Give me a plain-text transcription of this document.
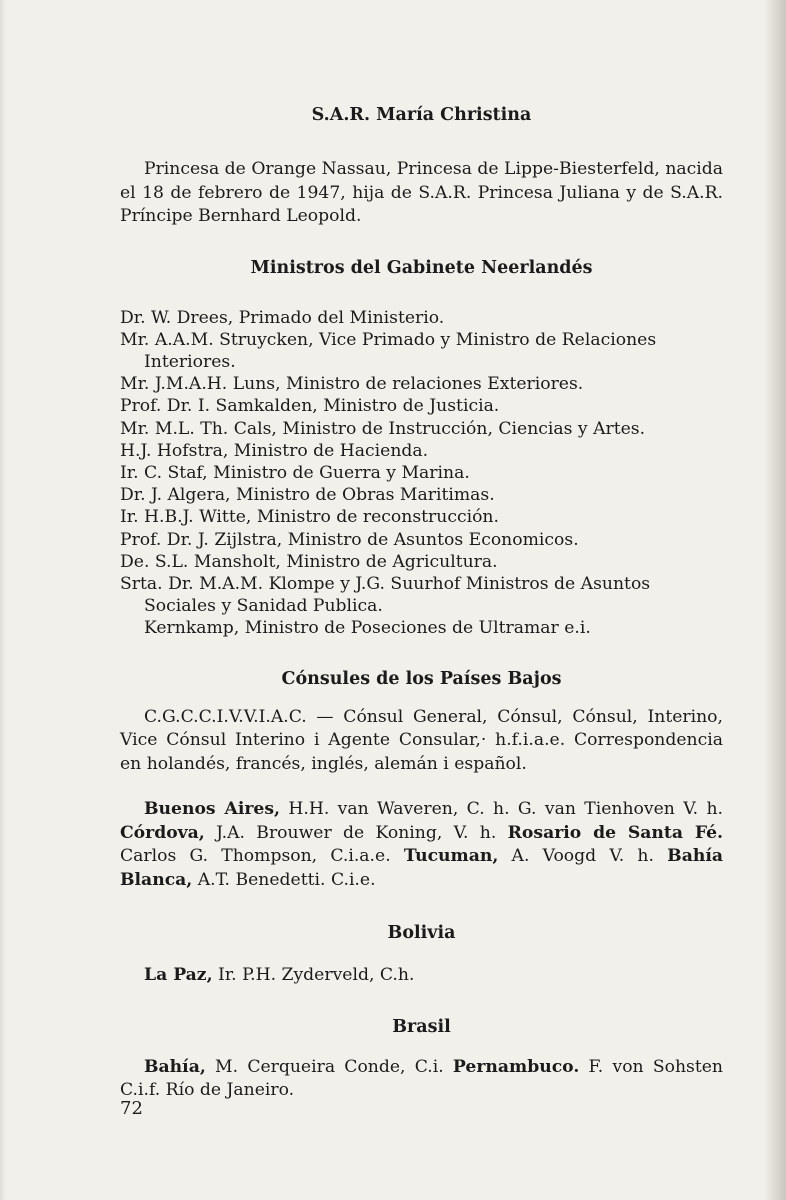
S.A.R. María Christina

Princesa de Orange Nassau, Princesa de Lippe-Biesterfeld, nacida el 18 de febrero de 1947, hija de S.A.R. Princesa Juliana y de S.A.R. Príncipe Bernhard Leopold.

Ministros del Gabinete Neerlandés

Dr. W. Drees, Primado del Ministerio.

Mr. A.A.M. Struycken, Vice Primado y Ministro de Relaciones Interiores.

Mr. J.M.A.H. Luns, Ministro de relaciones Exteriores.

Prof. Dr. I. Samkalden, Ministro de Justicia.

Mr. M.L. Th. Cals, Ministro de Instrucción, Ciencias y Artes.

H.J. Hofstra, Ministro de Hacienda.

Ir. C. Staf, Ministro de Guerra y Marina.

Dr. J. Algera, Ministro de Obras Maritimas.

Ir. H.B.J. Witte, Ministro de reconstrucción.

Prof. Dr. J. Zijlstra, Ministro de Asuntos Economicos.

De. S.L. Mansholt, Ministro de Agricultura.

Srta. Dr. M.A.M. Klompe y J.G. Suurhof Ministros de Asuntos Sociales y Sanidad Publica.

Kernkamp, Ministro de Poseciones de Ultramar e.i.

Cónsules de los Países Bajos

C.G.C.C.I.V.V.I.A.C. — Cónsul General, Cónsul, Cónsul, Interino, Vice Cónsul Interino i Agente Consular,· h.f.i.a.e. Correspondencia en holandés, francés, inglés, alemán i español.

Buenos Aires, H.H. van Waveren, C. h. G. van Tienhoven V. h. Córdova, J.A. Brouwer de Koning, V. h. Rosario de Santa Fé. Carlos G. Thompson, C.i.a.e. Tucuman, A. Voogd V. h. Bahía Blanca, A.T. Benedetti. C.i.e.

Bolivia

La Paz, Ir. P.H. Zyderveld, C.h.

Brasil

Bahía, M. Cerqueira Conde, C.i. Pernambuco. F. von Sohsten C.i.f. Río de Janeiro.

72
